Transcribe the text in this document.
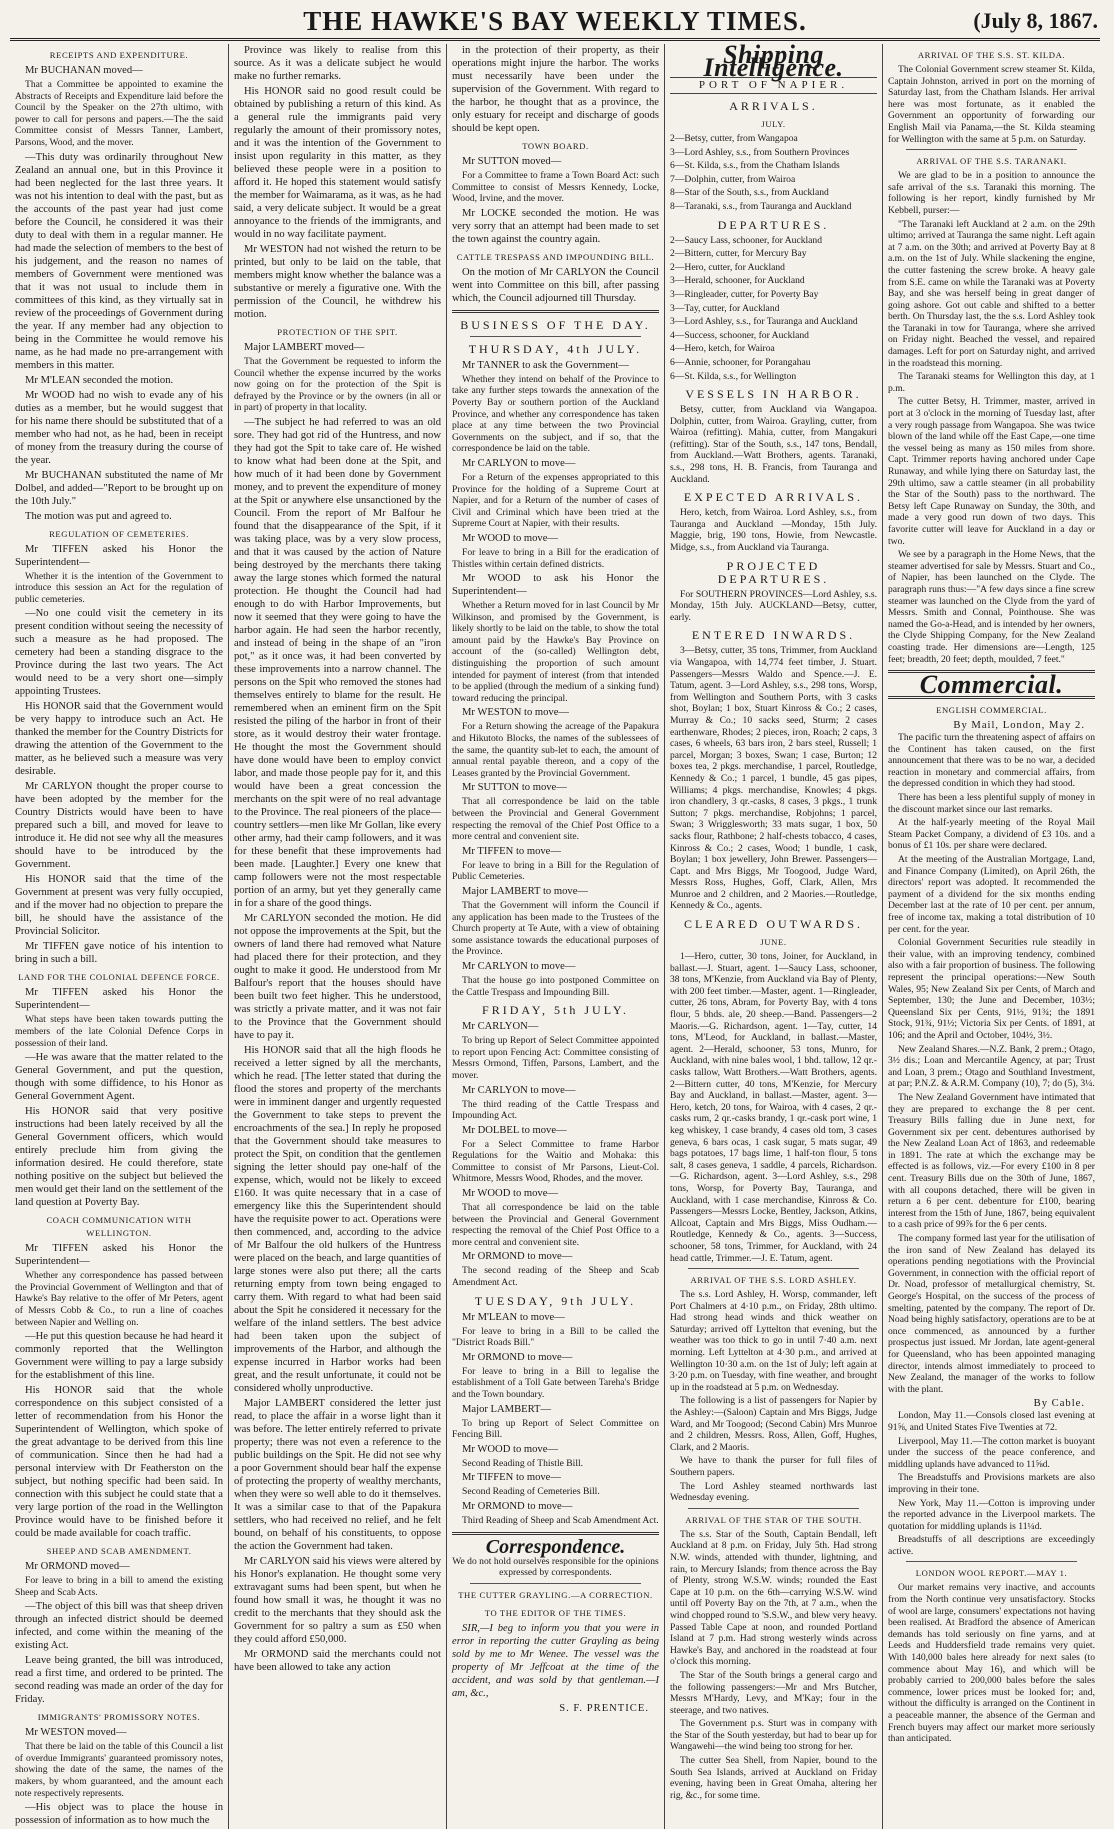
THE HAWKE'S BAY WEEKLY TIMES.	(July 8, 1867.
RECEIPTS AND EXPENDITURE.

Mr BUCHANAN moved—

That a Committee be appointed to examine the Abstracts of Receipts and Expenditure laid before the Council by the Speaker on the 27th ultimo, with power to call for persons and papers.—The the said Committee consist of Messrs Tanner, Lambert, Parsons, Wood, and the mover.

—This duty was ordinarily throughout New Zealand an annual one, but in this Province it had been neglected for the last three years. It was not his intention to deal with the past, but as the accounts of the past year had just come before the Council, he considered it was their duty to deal with them in a regular manner. He had made the selection of members to the best of his judgement, and the reason no names of members of Government were mentioned was that it was not usual to include them in committees of this kind, as they virtually sat in review of the proceedings of Government during the year. If any member had any objection to being in the Committee he would remove his name, as he had made no pre-arrangement with members in this matter.

Mr M'LEAN seconded the motion.

Mr WOOD had no wish to evade any of his duties as a member, but he would suggest that for his name there should be substituted that of a member who had not, as he had, been in receipt of money from the treasury during the course of the year.

Mr BUCHANAN substituted the name of Mr Dolbel, and added—"Report to be brought up on the 10th July."

The motion was put and agreed to.

REGULATION OF CEMETERIES.

Mr TIFFEN asked his Honor the Superintendent—

Whether it is the intention of the Government to introduce this session an Act for the regulation of public cemeteries.

—No one could visit the cemetery in its present condition without seeing the necessity of such a measure as he had proposed. The cemetery had been a standing disgrace to the Province during the last two years. The Act would need to be a very short one—simply appointing Trustees.

His HONOR said that the Government would be very happy to introduce such an Act. He thanked the member for the Country Districts for drawing the attention of the Government to the matter, as he believed such a measure was very desirable.

Mr CARLYON thought the proper course to have been adopted by the member for the Country Districts would have been to have prepared such a bill, and moved for leave to introduce it. He did not see why all the measures should have to be introduced by the Government.

His HONOR said that the time of the Government at present was very fully occupied, and if the mover had no objection to prepare the bill, he should have the assistance of the Provincial Solicitor.

Mr TIFFEN gave notice of his intention to bring in such a bill.

LAND FOR THE COLONIAL DEFENCE FORCE.

Mr TIFFEN asked his Honor the Superintendent—

What steps have been taken towards putting the members of the late Colonial Defence Corps in possession of their land.

—He was aware that the matter related to the General Government, and put the question, though with some diffidence, to his Honor as General Government Agent.

His HONOR said that very positive instructions had been lately received by all the General Government officers, which would entirely preclude him from giving the information desired. He could therefore, state nothing positive on the subject but believed the men would get their land on the settlement of the land question at Poverty Bay.

COACH COMMUNICATION WITH WELLINGTON.

Mr TIFFEN asked his Honor the Superintendent—

Whether any correspondence has passed between the Provincial Government of Wellington and that of Hawke's Bay relative to the offer of Mr Peters, agent of Messrs Cobb & Co., to run a line of coaches between Napier and Welling on.

—He put this question because he had heard it commonly reported that the Wellington Government were willing to pay a large subsidy for the establishment of this line.

His HONOR said that the whole correspondence on this subject consisted of a letter of recommendation from his Honor the Superintendent of Wellington, which spoke of the great advantage to be derived from this line of communication. Since then he had had a personal interview with Dr Featherston on the subject, but nothing specific had been said. In connection with this subject he could state that a very large portion of the road in the Wellington Province would have to be finished before it could be made available for coach traffic.

SHEEP AND SCAB AMENDMENT.

Mr ORMOND moved—

For leave to bring in a bill to amend the existing Sheep and Scab Acts.

—The object of this bill was that sheep driven through an infected district should be deemed infected, and come within the meaning of the existing Act.

Leave being granted, the bill was introduced, read a first time, and ordered to be printed. The second reading was made an order of the day for Friday.

IMMIGRANTS' PROMISSORY NOTES.

Mr WESTON moved—

That there be laid on the table of this Council a list of overdue Immigrants' guaranteed promissory notes, showing the date of the same, the names of the makers, by whom guaranteed, and the amount each note respectively represents.

—His object was to place the house in possession of information as to how much the

Province was likely to realise from this source. As it was a delicate subject he would make no further remarks.

His HONOR said no good result could be obtained by publishing a return of this kind. As a general rule the immigrants paid very regularly the amount of their promissory notes, and it was the intention of the Government to insist upon regularity in this matter, as they believed these people were in a position to afford it. He hoped this statement would satisfy the member for Waimarama, as it was, as he had said, a very delicate subject. It would be a great annoyance to the friends of the immigrants, and would in no way facilitate payment.

Mr WESTON had not wished the return to be printed, but only to be laid on the table, that members might know whether the balance was a substantive or merely a figurative one. With the permission of the Council, he withdrew his motion.

PROTECTION OF THE SPIT.

Major LAMBERT moved—

That the Government be requested to inform the Council whether the expense incurred by the works now going on for the protection of the Spit is defrayed by the Province or by the owners (in all or in part) of property in that locality.

—The subject he had referred to was an old sore. They had got rid of the Huntress, and now they had got the Spit to take care of. He wished to know what had been done at the Spit, and how much of it had been done by Government money, and to prevent the expenditure of money at the Spit or anywhere else unsanctioned by the Council. From the report of Mr Balfour he found that the disappearance of the Spit, if it was taking place, was by a very slow process, and that it was caused by the action of Nature being destroyed by the merchants there taking away the large stones which formed the natural protection. He thought the Council had had enough to do with Harbor Improvements, but now it seemed that they were going to have the harbor again. He had seen the harbor recently, and instead of being in the shape of an "iron pot," as it once was, it had been converted by these improvements into a narrow channel. The persons on the Spit who removed the stones had themselves entirely to blame for the result. He remembered when an eminent firm on the Spit resisted the piling of the harbor in front of their store, as it would destroy their water frontage. He thought the most the Government should have done would have been to employ convict labor, and made those people pay for it, and this would have been a great concession the merchants on the spit were of no real advantage to the Province. The real pioneers of the place—country settlers—men like Mr Gollan, like every other army, had their camp followers, and it was for these benefit that these improvements had been made. [Laughter.] Every one knew that camp followers were not the most respectable portion of an army, but yet they generally came in for a share of the good things.

Mr CARLYON seconded the motion. He did not oppose the improvements at the Spit, but the owners of land there had removed what Nature had placed there for their protection, and they ought to make it good. He understood from Mr Balfour's report that the houses should have been built two feet higher. This he understood, was strictly a private matter, and it was not fair to the Province that the Government should have to pay it.

His HONOR said that all the high floods he received a letter signed by all the merchants, which he read. [The letter stated that during the flood the stores and property of the merchants were in imminent danger and urgently requested the Government to take steps to prevent the encroachments of the sea.] In reply he proposed that the Government should take measures to protect the Spit, on condition that the gentlemen signing the letter should pay one-half of the expense, which, would not be likely to exceed £160. It was quite necessary that in a case of emergency like this the Superintendent should have the requisite power to act. Operations were then commenced, and, according to the advice of Mr Balfour the old hulkers of the Huntress were placed on the beach, and large quantities of large stones were also put there; all the carts returning empty from town being engaged to carry them. With regard to what had been said about the Spit he considered it necessary for the welfare of the inland settlers. The best advice had been taken upon the subject of improvements of the Harbor, and although the expense incurred in Harbor works had been great, and the result unfortunate, it could not be considered wholly unproductive.

Major LAMBERT considered the letter just read, to place the affair in a worse light than it was before. The letter entirely referred to private property; there was not even a reference to the public buildings on the Spit. He did not see why a poor Government should bear half the expense of protecting the property of wealthy merchants, when they were so well able to do it themselves. It was a similar case to that of the Papakura settlers, who had received no relief, and he felt bound, on behalf of his constituents, to oppose the action the Government had taken.

Mr CARLYON said his views were altered by his Honor's explanation. He thought some very extravagant sums had been spent, but when he found how small it was, he thought it was no credit to the merchants that they should ask the Government for so paltry a sum as £50 when they could afford £50,000.

Mr ORMOND said the merchants could not have been allowed to take any action

in the protection of their property, as their operations might injure the harbor. The works must necessarily have been under the supervision of the Government. With regard to the harbor, he thought that as a province, the only estuary for receipt and discharge of goods should be kept open.

TOWN BOARD.

Mr SUTTON moved—

For a Committee to frame a Town Board Act: such Committee to consist of Messrs Kennedy, Locke, Wood, Irvine, and the mover.

Mr LOCKE seconded the motion. He was very sorry that an attempt had been made to set the town against the country again.

CATTLE TRESPASS AND IMPOUNDING BILL.

On the motion of Mr CARLYON the Council went into Committee on this bill, after passing which, the Council adjourned till Thursday.

BUSINESS OF THE DAY.
THURSDAY, 4th JULY.

Mr TANNER to ask the Government—

Whether they intend on behalf of the Province to take any further steps towards the annexation of the Poverty Bay or southern portion of the Auckland Province, and whether any correspondence has taken place at any time between the two Provincial Governments on the subject, and if so, that the correspondence be laid on the table.

Mr CARLYON to move—

For a Return of the expenses appropriated to this Province for the holding of a Supreme Court at Napier, and for a Return of the number of cases of Civil and Criminal which have been tried at the Supreme Court at Napier, with their results.

Mr WOOD to move—

For leave to bring in a Bill for the eradication of Thistles within certain defined districts.

Mr WOOD to ask his Honor the Superintendent—

Whether a Return moved for in last Council by Mr Wilkinson, and promised by the Government, is likely shortly to be laid on the table, to show the total amount paid by the Hawke's Bay Province on account of the (so-called) Wellington debt, distinguishing the proportion of such amount intended for payment of interest (from that intended to be applied (through the medium of a sinking fund) toward reducing the principal.

Mr WESTON to move—

For a Return showing the acreage of the Papakura and Hikutoto Blocks, the names of the sublessees of the same, the quantity sub-let to each, the amount of annual rental payable thereon, and a copy of the Leases granted by the Provincial Government.

Mr SUTTON to move—

That all correspondence be laid on the table between the Provincial and General Government respecting the removal of the Chief Post Office to a more central and convenient site.

Mr TIFFEN to move—

For leave to bring in a Bill for the Regulation of Public Cemeteries.

Major LAMBERT to move—

That the Government will inform the Council if any application has been made to the Trustees of the Church property at Te Aute, with a view of obtaining some assistance towards the educational purposes of the Province.

Mr CARLYON to move—

That the house go into postponed Committee on the Cattle Trespass and Impounding Bill.

FRIDAY, 5th JULY.

Mr CARLYON—

To bring up Report of Select Committee appointed to report upon Fencing Act: Committee consisting of Messrs Ormond, Tiffen, Parsons, Lambert, and the mover.

Mr CARLYON to move—

The third reading of the Cattle Trespass and Impounding Act.

Mr DOLBEL to move—

For a Select Committee to frame Harbor Regulations for the Waitio and Mohaka: this Committee to consist of Mr Parsons, Lieut-Col. Whitmore, Messrs Wood, Rhodes, and the mover.

Mr WOOD to move—

That all correspondence be laid on the table between the Provincial and General Government respecting the removal of the Chief Post Office to a more central and convenient site.

Mr ORMOND to move—

The second reading of the Sheep and Scab Amendment Act.

TUESDAY, 9th JULY.

Mr M'LEAN to move—

For leave to bring in a Bill to be called the "District Roads Bill."

Mr ORMOND to move—

For leave to bring in a Bill to legalise the establishment of a Toll Gate between Tareha's Bridge and the Town boundary.

Major LAMBERT—

To bring up Report of Select Committee on Fencing Bill.

Mr WOOD to move—

Second Reading of Thistle Bill.

Mr TIFFEN to move—

Second Reading of Cemeteries Bill.

Mr ORMOND to move—

Third Reading of Sheep and Scab Amendment Act.

Correspondence.

We do not hold ourselves responsible for the opinions expressed by correspondents.

THE CUTTER GRAYLING.—A CORRECTION.
TO THE EDITOR OF THE TIMES.

SIR,—I beg to inform you that you were in error in reporting the cutter Grayling as being sold by me to Mr Wenee. The vessel was the property of Mr Jeffcoat at the time of the accident, and was sold by that gentleman.—I am, &c.,

S. F. PRENTICE.
Shipping Intelligence.
PORT OF NAPIER.
ARRIVALS.
JULY.

2—Betsy, cutter, from Wangapoa

3—Lord Ashley, s.s., from Southern Provinces

6—St. Kilda, s.s., from the Chatham Islands

7—Dolphin, cutter, from Wairoa

8—Star of the South, s.s., from Auckland

8—Taranaki, s.s., from Tauranga and Auckland

DEPARTURES.

2—Saucy Lass, schooner, for Auckland

2—Bittern, cutter, for Mercury Bay

2—Hero, cutter, for Auckland

3—Herald, schooner, for Auckland

3—Ringleader, cutter, for Poverty Bay

3—Tay, cutter, for Auckland

3—Lord Ashley, s.s., for Tauranga and Auckland

4—Success, schooner, for Auckland

4—Hero, ketch, for Wairoa

6—Annie, schooner, for Porangahau

6—St. Kilda, s.s., for Wellington

VESSELS IN HARBOR.

Betsy, cutter, from Auckland via Wangapoa. Dolphin, cutter, from Wairoa. Grayling, cutter, from Wairoa (refitting). Mahia, cutter, from Mangakuri (refitting). Star of the South, s.s., 147 tons, Bendall, from Auckland.—Watt Brothers, agents. Taranaki, s.s., 298 tons, H. B. Francis, from Tauranga and Auckland.

EXPECTED ARRIVALS.

Hero, ketch, from Wairoa. Lord Ashley, s.s., from Tauranga and Auckland —Monday, 15th July. Maggie, brig, 190 tons, Howie, from Newcastle. Midge, s.s., from Auckland via Tauranga.

PROJECTED DEPARTURES.

For SOUTHERN PROVINCES—Lord Ashley, s.s. Monday, 15th July. AUCKLAND—Betsy, cutter, early.

ENTERED INWARDS.

3—Betsy, cutter, 35 tons, Trimmer, from Auckland via Wangapoa, with 14,774 feet timber, J. Stuart. Passengers—Messrs Waldo and Spence.—J. E. Tatum, agent. 3—Lord Ashley, s.s., 298 tons, Worsp, from Wellington and Southern Ports, with 3 casks shot, Boylan; 1 box, Stuart Kinross & Co.; 2 cases, Murray & Co.; 10 sacks seed, Sturm; 2 cases earthenware, Rhodes; 2 pieces, iron, Roach; 2 caps, 3 cases, 6 wheels, 63 bars iron, 2 bars steel, Russell; 1 parcel, Morgan; 3 boxes, Swan; 1 case, Burton; 12 boxes tea, 2 pkgs. merchandise, 1 parcel, Routledge, Kennedy & Co.; 1 parcel, 1 bundle, 45 gas pipes, Williams; 4 pkgs. merchandise, Knowles; 4 pkgs. iron chandlery, 3 qr.-casks, 8 cases, 3 pkgs., 1 trunk Sutton; 7 pkgs. merchandise, Robjohns; 1 parcel, Swan; 3 Wrigglesworth; 33 mats sugar, 1 box, 50 sacks flour, Rathbone; 2 half-chests tobacco, 4 cases, Kinross & Co.; 2 cases, Wood; 1 bundle, 1 cask, Boylan; 1 box jewellery, John Brewer. Passengers—Capt. and Mrs Biggs, Mr Toogood, Judge Ward, Messrs Ross, Hughes, Goff, Clark, Allen, Mrs Munroe and 2 children, and 2 Maories.—Routledge, Kennedy & Co., agents.

CLEARED OUTWARDS.
JUNE.

1—Hero, cutter, 30 tons, Joiner, for Auckland, in ballast.—J. Stuart, agent. 1—Saucy Lass, schooner, 38 tons, M'Kenzie, from Auckland via Bay of Plenty, with 200 feet timber.—Master, agent. 1—Ringleader, cutter, 26 tons, Abram, for Poverty Bay, with 4 tons flour, 5 bhds. ale, 20 sheep.—Band. Passengers—2 Maoris.—G. Richardson, agent. 1—Tay, cutter, 14 tons, M'Leod, for Auckland, in ballast.—Master, agent. 2—Herald, schooner, 53 tons, Munro, for Auckland, with nine bales wool, 1 bhd. tallow, 12 qr.-casks tallow, Watt Brothers.—Watt Brothers, agents. 2—Bittern cutter, 40 tons, M'Kenzie, for Mercury Bay and Auckland, in ballast.—Master, agent. 3—Hero, ketch, 20 tons, for Wairoa, with 4 cases, 2 qr.-casks rum, 2 qr.-casks brandy, 1 qr.-cask port wine, 1 keg whiskey, 1 case brandy, 4 cases old tom, 3 cases geneva, 6 bars ocas, 1 cask sugar, 5 mats sugar, 49 bags potatoes, 17 bags lime, 1 half-ton flour, 5 tons salt, 8 cases geneva, 1 saddle, 4 parcels, Richardson.—G. Richardson, agent. 3—Lord Ashley, s.s., 298 tons, Worsp, for Poverty Bay, Tauranga, and Auckland, with 1 case merchandise, Kinross & Co. Passengers—Messrs Locke, Bentley, Jackson, Atkins, Allcoat, Captain and Mrs Biggs, Miss Oudham.—Routledge, Kennedy & Co., agents. 3—Success, schooner, 58 tons, Trimmer, for Auckland, with 24 head cattle, Trimmer.—J. E. Tatum, agent.

ARRIVAL OF THE S.S. LORD ASHLEY.

The s.s. Lord Ashley, H. Worsp, commander, left Port Chalmers at 4·10 p.m., on Friday, 28th ultimo. Had strong head winds and thick weather on Saturday; arrived off Lyttelton that evening, but the weather was too thick to go in until 7·40 a.m. next morning. Left Lyttelton at 4·30 p.m., and arrived at Wellington 10·30 a.m. on the 1st of July; left again at 3·20 p.m. on Tuesday, with fine weather, and brought up in the roadstead at 5 p.m. on Wednesday.

The following is a list of passengers for Napier by the Ashley:—(Saloon) Captain and Mrs Biggs, Judge Ward, and Mr Toogood; (Second Cabin) Mrs Munroe and 2 children, Messrs. Ross, Allen, Goff, Hughes, Clark, and 2 Maoris.

We have to thank the purser for full files of Southern papers.

The Lord Ashley steamed northwards last Wednesday evening.

ARRIVAL OF THE STAR OF THE SOUTH.

The s.s. Star of the South, Captain Bendall, left Auckland at 8 p.m. on Friday, July 5th. Had strong N.W. winds, attended with thunder, lightning, and rain, to Mercury Islands; from thence across the Bay of Plenty, strong W.S.W. winds; rounded the East Cape at 10 p.m. on the 6th—carrying W.S.W. wind until off Poverty Bay on the 7th, at 7 a.m., when the wind chopped round to 'S.S.W., and blew very heavy. Passed Table Cape at noon, and rounded Portland Island at 7 p.m. Had strong westerly winds across Hawke's Bay, and anchored in the roadstead at four o'clock this morning.

The Star of the South brings a general cargo and the following passengers:—Mr and Mrs Butcher, Messrs M'Hardy, Levy, and M'Kay; four in the steerage, and two natives.

The Government p.s. Sturt was in company with the Star of the South yesterday, but had to bear up for Wangawehi—the wind being too strong for her.

The cutter Sea Shell, from Napier, bound to the South Sea Islands, arrived at Auckland on Friday evening, having been in Great Omaha, altering her rig, &c., for some time.

ARRIVAL OF THE S.S. ST. KILDA.

The Colonial Government screw steamer St. Kilda, Captain Johnston, arrived in port on the morning of Saturday last, from the Chatham Islands. Her arrival here was most fortunate, as it enabled the Government an opportunity of forwarding our English Mail via Panama,—the St. Kilda steaming for Wellington with the same at 5 p.m. on Saturday.

ARRIVAL OF THE S.S. TARANAKI.

We are glad to be in a position to announce the safe arrival of the s.s. Taranaki this morning. The following is her report, kindly furnished by Mr Kebbell, purser:—

"The Taranaki left Auckland at 2 a.m. on the 29th ultimo; arrived at Tauranga the same night. Left again at 7 a.m. on the 30th; and arrived at Poverty Bay at 8 a.m. on the 1st of July. While slackening the engine, the cutter fastening the screw broke. A heavy gale from S.E. came on while the Taranaki was at Poverty Bay, and she was herself being in great danger of going ashore. Got out cable and shifted to a better berth. On Thursday last, the the s.s. Lord Ashley took the Taranaki in tow for Tauranga, where she arrived on Friday night. Beached the vessel, and repaired damages. Left for port on Saturday night, and arrived in the roadstead this morning.

The Taranaki steams for Wellington this day, at 1 p.m.

The cutter Betsy, H. Trimmer, master, arrived in port at 3 o'clock in the morning of Tuesday last, after a very rough passage from Wangapoa. She was twice blown of the land while off the East Cape,—one time the vessel being as many as 150 miles from shore. Capt. Trimmer reports having anchored under Cape Runaway, and while lying there on Saturday last, the 29th ultimo, saw a cattle steamer (in all probability the Star of the South) pass to the northward. The Betsy left Cape Runaway on Sunday, the 30th, and made a very good run down of two days. This favorite cutter will leave for Auckland in a day or two.

We see by a paragraph in the Home News, that the steamer advertised for sale by Messrs. Stuart and Co., of Napier, has been launched on the Clyde. The paragraph runs thus:—"A few days since a fine screw steamer was launched on the Clyde from the yard of Messrs. Smith and Connal, Pointhouse. She was named the Go-a-Head, and is intended by her owners, the Clyde Shipping Company, for the New Zealand coasting trade. Her dimensions are—Length, 125 feet; breadth, 20 feet; depth, moulded, 7 feet."

Commercial.
ENGLISH COMMERCIAL.
By Mail, London, May 2.

The pacific turn the threatening aspect of affairs on the Continent has taken caused, on the first announcement that there was to be no war, a decided reaction in monetary and commercial affairs, from the depressed condition in which they had stood.

There has been a less plentiful supply of money in the discount market since our last remarks.

At the half-yearly meeting of the Royal Mail Steam Packet Company, a dividend of £3 10s. and a bonus of £1 10s. per share were declared.

At the meeting of the Australian Mortgage, Land, and Finance Company (Limited), on April 26th, the directors' report was adopted. It recommended the payment of a dividend for the six months ending December last at the rate of 10 per cent. per annum, free of income tax, making a total distribution of 10 per cent. for the year.

Colonial Government Securities rule steadily in their value, with an improving tendency, combined also with a fair proportion of business. The following represent the principal operations:—New South Wales, 95; New Zealand Six per Cents, of March and September, 130; the June and December, 103½; Queensland Six per Cents, 91½, 91¾; the 1891 Stock, 91¾, 91½; Victoria Six per Cents. of 1891, at 106; and the April and October, 104½, 3½.

New Zealand Shares.—N.Z. Bank, 2 prem.; Otago, 3½ dis.; Loan and Mercantile Agency, at par; Trust and Loan, 3 prem.; Otago and Southland Investment, at par; P.N.Z. & A.R.M. Company (10), 7; do (5), 3¼.

The New Zealand Government have intimated that they are prepared to exchange the 8 per cent. Treasury Bills falling due in June next, for Government six per cent. debentures authorised by the New Zealand Loan Act of 1863, and redeemable in 1891. The rate at which the exchange may be effected is as follows, viz.—For every £100 in 8 per cent. Treasury Bills due on the 30th of June, 1867, with all coupons detached, there will be given in return a 6 per cent. debenture for £100, bearing interest from the 15th of June, 1867, being equivalent to a cash price of 99⅞ for the 6 per cents.

The company formed last year for the utilisation of the iron sand of New Zealand has delayed its operations pending negotiations with the Provincial Government, in connection with the official report of Dr. Noad, professor of metallurgical chemistry, St. George's Hospital, on the success of the process of smelting, patented by the company. The report of Dr. Noad being highly satisfactory, operations are to be at once commenced, as announced by a further prospectus just issued. Mr Jordan, late agent-general for Queensland, who has been appointed managing director, intends almost immediately to proceed to New Zealand, the manager of the works to follow with the plant.

By Cable.

London, May 11.—Consols closed last evening at 91⅝, and United States Five Twenties at 72.

Liverpool, May 11.—The cotton market is buoyant under the success of the peace conference, and middling uplands have advanced to 11⅝d.

The Breadstuffs and Provisions markets are also improving in their tone.

New York, May 11.—Cotton is improving under the reported advance in the Liverpool markets. The quotation for middling uplands is 11¼d.

Breadstuffs of all descriptions are exceedingly active.

LONDON WOOL REPORT.—MAY 1.

Our market remains very inactive, and accounts from the North continue very unsatisfactory. Stocks of wool are large, consumers' expectations not having been realised. At Bradford the absence of American demands has told seriously on fine yarns, and at Leeds and Huddersfield trade remains very quiet. With 140,000 bales here already for next sales (to commence about May 16), and which will be probably carried to 200,000 bales before the sales commence, lower prices must be looked for; and, without the difficulty is arranged on the Continent in a peaceable manner, the absence of the German and French buyers may affect our market more seriously than anticipated.
